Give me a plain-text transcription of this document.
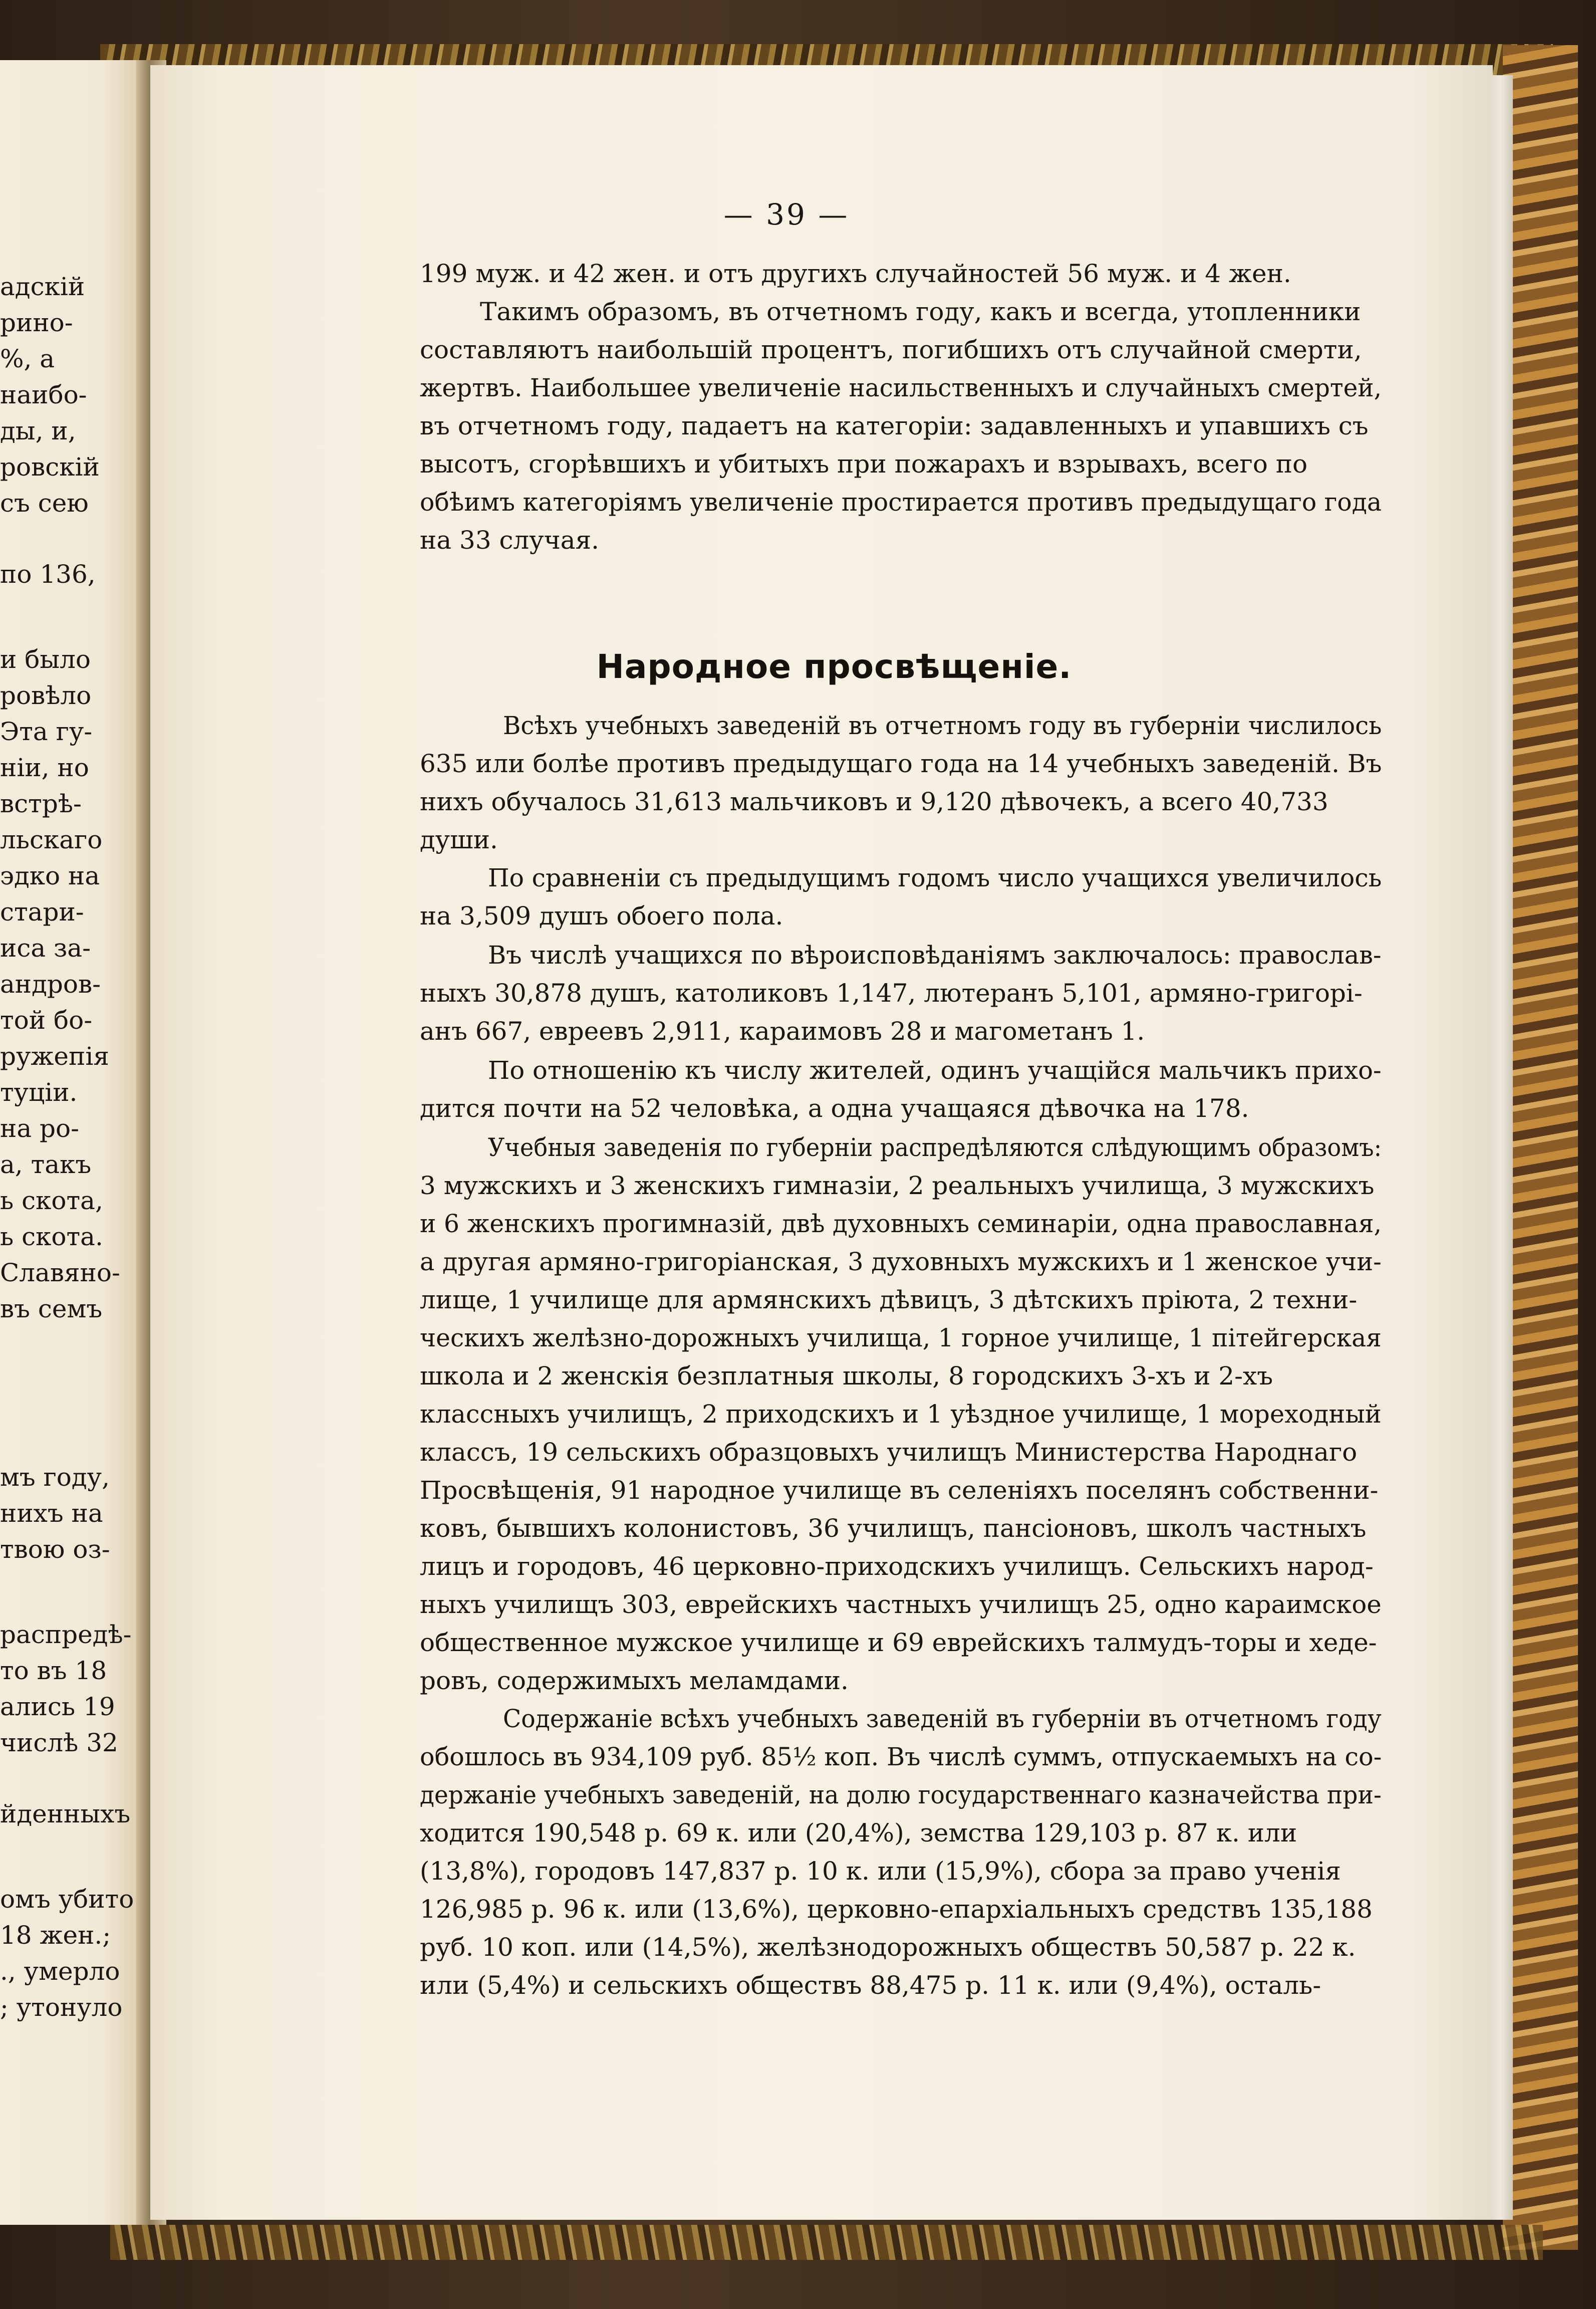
адскій
рино-
%, а
наибо-
ды, и,
ровскій
съ сею
по 136,
и было
ровѣло
Эта гу-
ніи, но
встрѣ-
льскаго
эдко на
стари-
иса за-
андров-
той бо-
ружепія
туціи.
на ро-
а, такъ
ь скота,
ь скота.
Славяно-
въ семъ
мъ году,
нихъ на
твою оз-
распредѣ-
то въ 18
ались 19
числѣ 32
йденныхъ
омъ убито
18 жен.;
., умерло
; утонуло
— 39 —
199 муж. и 42 жен. и отъ другихъ случайностей 56 муж. и 4 жен.
Такимъ образомъ, въ отчетномъ году, какъ и всегда, утопленники
составляютъ наибольшій процентъ, погибшихъ отъ случайной смерти,
жертвъ. Наибольшее увеличеніе насильственныхъ и случайныхъ смертей,
въ отчетномъ году, падаетъ на категоріи: задавленныхъ и упавшихъ съ
высотъ, сгорѣвшихъ и убитыхъ при пожарахъ и взрывахъ, всего по
обѣимъ категоріямъ увеличеніе простирается противъ предыдущаго года
на 33 случая.
Народное просвѣщеніе.
Всѣхъ учебныхъ заведеній въ отчетномъ году въ губерніи числилось
635 или болѣе противъ предыдущаго года на 14 учебныхъ заведеній. Въ
нихъ обучалось 31,613 мальчиковъ и 9,120 дѣвочекъ, а всего 40,733
души.
По сравненіи съ предыдущимъ годомъ число учащихся увеличилось
на 3,509 душъ обоего пола.
Въ числѣ учащихся по вѣроисповѣданіямъ заключалось: православ-
ныхъ 30,878 душъ, католиковъ 1,147, лютеранъ 5,101, армяно-григорі-
анъ 667, евреевъ 2,911, караимовъ 28 и магометанъ 1.
По отношенію къ числу жителей, одинъ учащійся мальчикъ прихо-
дится почти на 52 человѣка, а одна учащаяся дѣвочка на 178.
Учебныя заведенія по губерніи распредѣляются слѣдующимъ образомъ:
3 мужскихъ и 3 женскихъ гимназіи, 2 реальныхъ училища, 3 мужскихъ
и 6 женскихъ прогимназій, двѣ духовныхъ семинаріи, одна православная,
а другая армяно-григоріанская, 3 духовныхъ мужскихъ и 1 женское учи-
лище, 1 училище для армянскихъ дѣвицъ, 3 дѣтскихъ пріюта, 2 техни-
ческихъ желѣзно-дорожныхъ училища, 1 горное училище, 1 пітейгерская
школа и 2 женскія безплатныя школы, 8 городскихъ 3-хъ и 2-хъ
классныхъ училищъ, 2 приходскихъ и 1 уѣздное училище, 1 мореходный
классъ, 19 сельскихъ образцовыхъ училищъ Министерства Народнаго
Просвѣщенія, 91 народное училище въ селеніяхъ поселянъ собственни-
ковъ, бывшихъ колонистовъ, 36 училищъ, пансіоновъ, школъ частныхъ
лицъ и городовъ, 46 церковно-приходскихъ училищъ. Сельскихъ народ-
ныхъ училищъ 303, еврейскихъ частныхъ училищъ 25, одно караимское
общественное мужское училище и 69 еврейскихъ талмудъ-торы и хеде-
ровъ, содержимыхъ меламдами.
Содержаніе всѣхъ учебныхъ заведеній въ губерніи въ отчетномъ году
обошлось въ 934,109 руб. 85½ коп. Въ числѣ суммъ, отпускаемыхъ на со-
держаніе учебныхъ заведеній, на долю государственнаго казначейства при-
ходится 190,548 р. 69 к. или (20,4%), земства 129,103 р. 87 к. или
(13,8%), городовъ 147,837 р. 10 к. или (15,9%), сбора за право ученія
126,985 р. 96 к. или (13,6%), церковно-епархіальныхъ средствъ 135,188
руб. 10 коп. или (14,5%), желѣзнодорожныхъ обществъ 50,587 р. 22 к.
или (5,4%) и сельскихъ обществъ 88,475 р. 11 к. или (9,4%), осталь-
